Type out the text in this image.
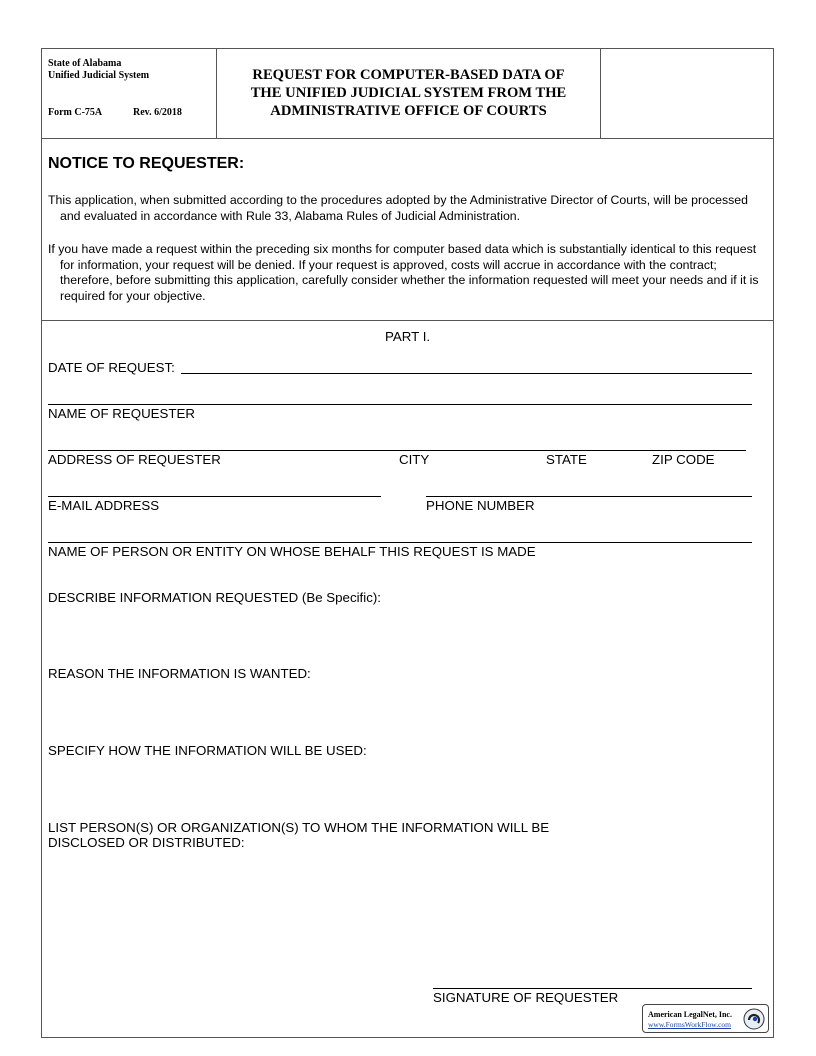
State of Alabama
Unified Judicial System
Form C-75A	Rev. 6/2018
REQUEST FOR COMPUTER-BASED DATA OF
THE UNIFIED JUDICIAL SYSTEM FROM THE
ADMINISTRATIVE OFFICE OF COURTS
NOTICE TO REQUESTER:
This application, when submitted according to the procedures adopted by the Administrative Director of Courts, will be processed and evaluated in accordance with Rule 33, Alabama Rules of Judicial Administration.
If you have made a request within the preceding six months for computer based data which is substantially identical to this request for information, your request will be denied. If your request is approved, costs will accrue in accordance with the contract; therefore, before submitting this application, carefully consider whether the information requested will meet your needs and if it is required for your objective.
PART I.
DATE OF REQUEST:
NAME OF REQUESTER
ADDRESS OF REQUESTER	CITY	STATE	ZIP CODE
E-MAIL ADDRESS	PHONE NUMBER
NAME OF PERSON OR ENTITY ON WHOSE BEHALF THIS REQUEST IS MADE
DESCRIBE INFORMATION REQUESTED (Be Specific):
REASON THE INFORMATION IS WANTED:
SPECIFY HOW THE INFORMATION WILL BE USED:
LIST PERSON(S) OR ORGANIZATION(S) TO WHOM THE INFORMATION WILL BE
DISCLOSED OR DISTRIBUTED:
SIGNATURE OF REQUESTER
American LegalNet, Inc.
www.FormsWorkFlow.com
